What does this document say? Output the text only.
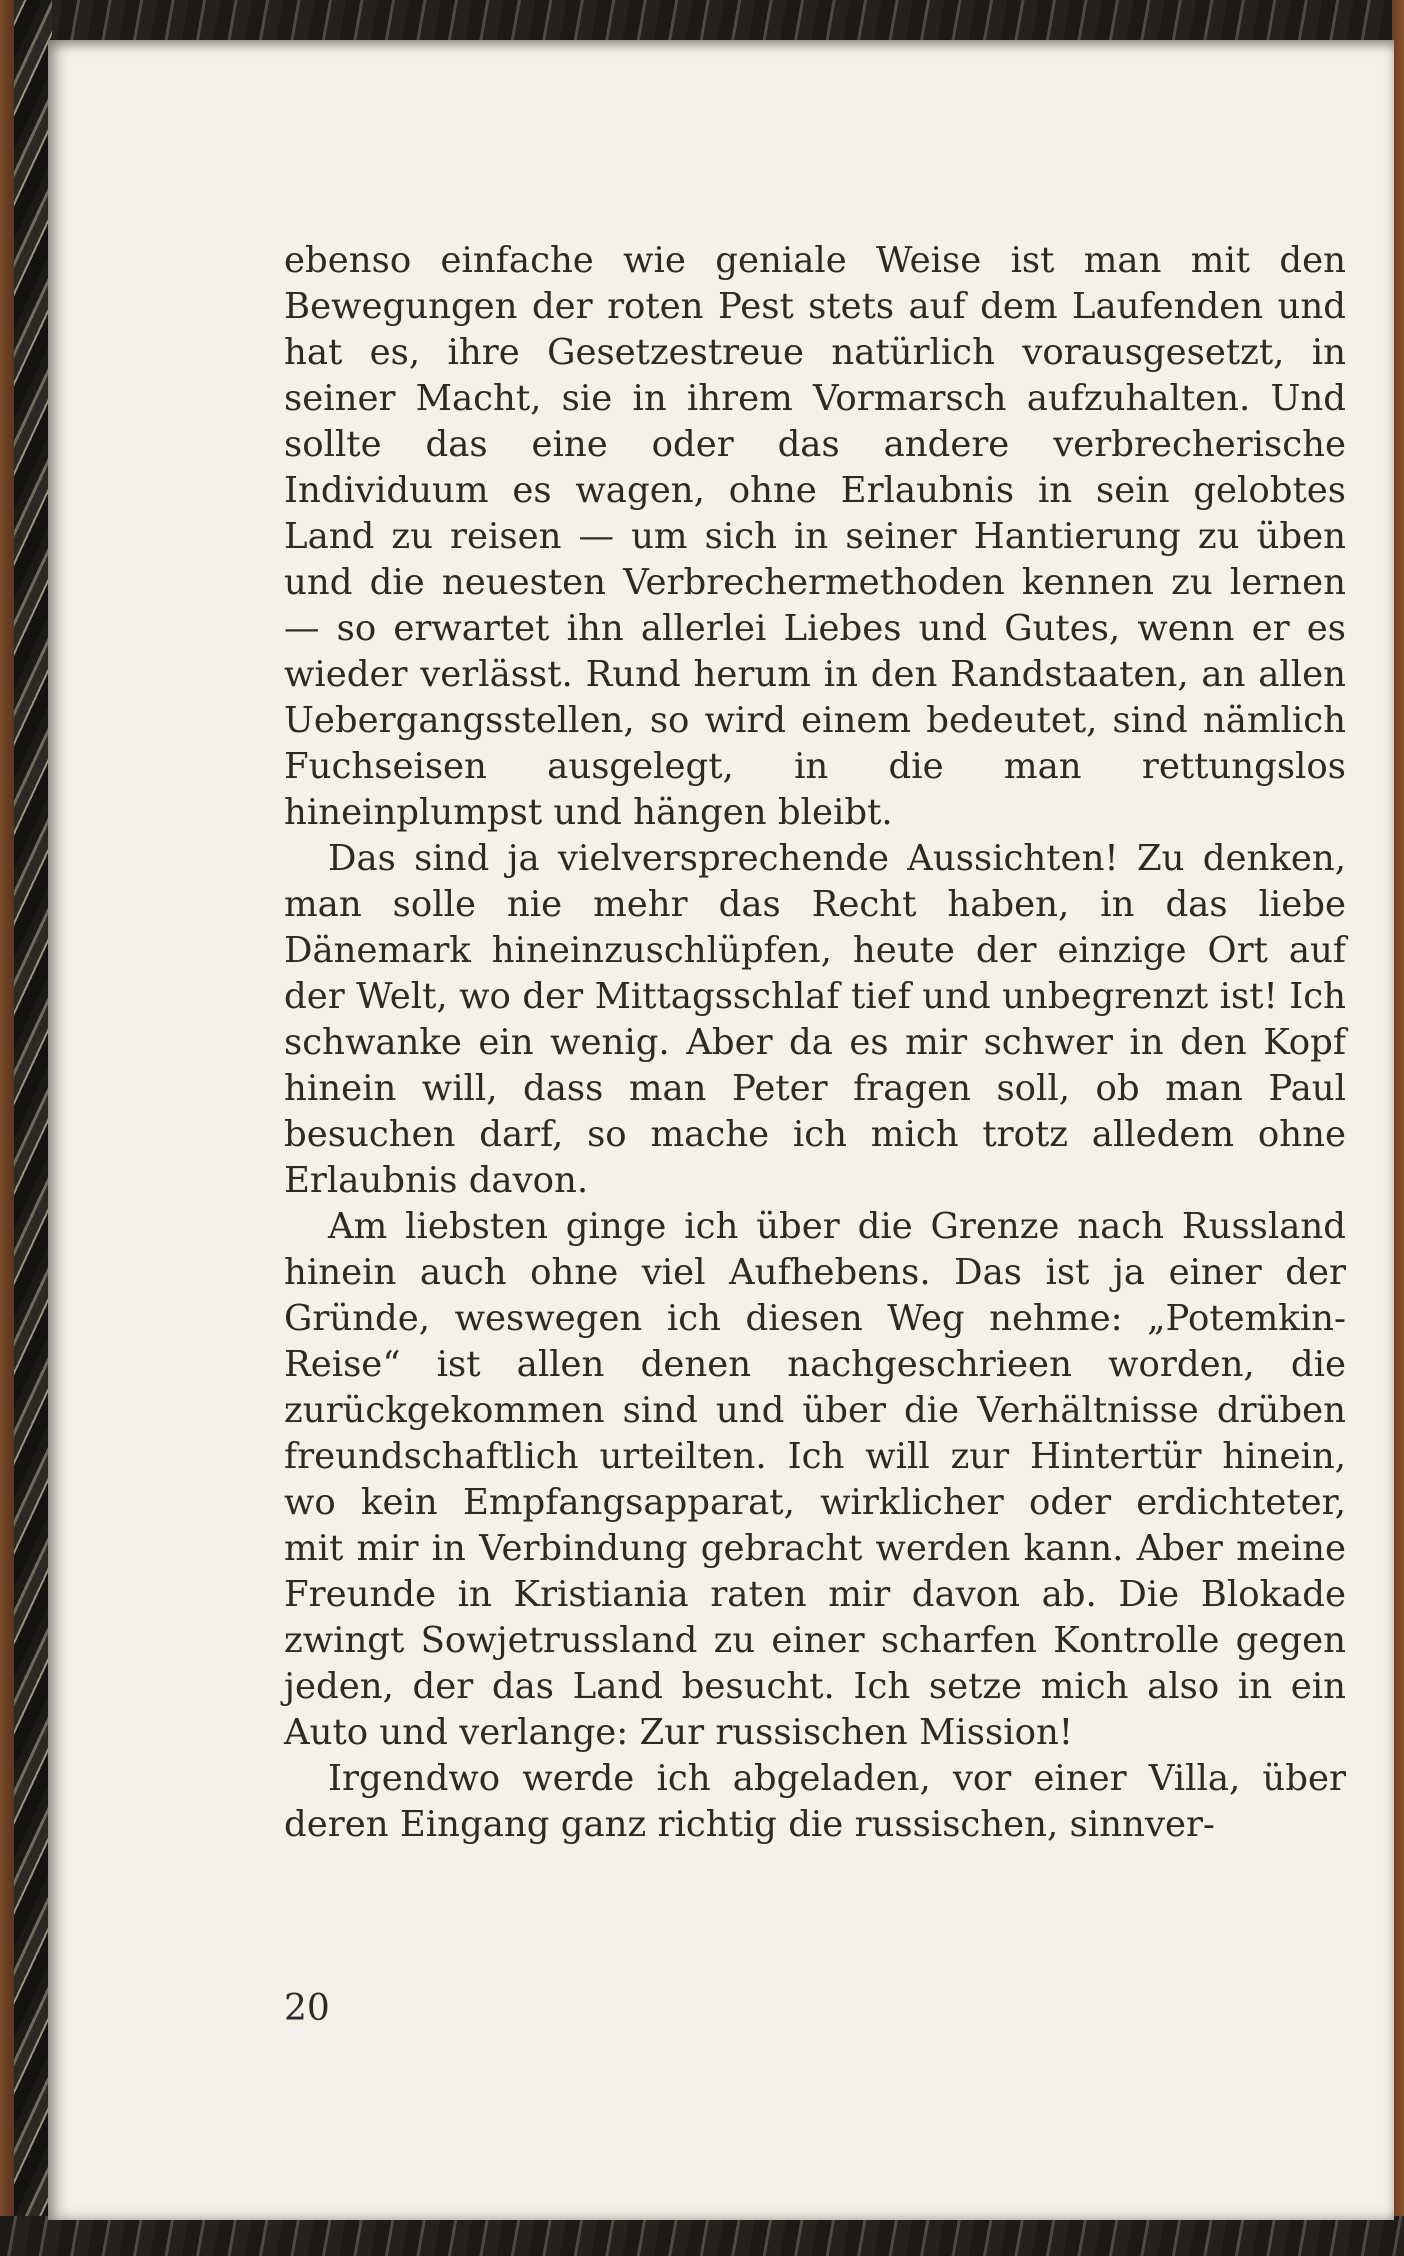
ebenso einfache wie geniale Weise ist man mit den Bewegungen der roten Pest stets auf dem Laufenden und hat es, ihre Gesetzestreue natürlich vorausgesetzt, in seiner Macht, sie in ihrem Vormarsch aufzuhalten. Und sollte das eine oder das andere verbrecherische Individuum es wagen, ohne Erlaubnis in sein gelobtes Land zu reisen — um sich in seiner Hantierung zu üben und die neuesten Verbrechermethoden kennen zu lernen — so erwartet ihn allerlei Liebes und Gutes, wenn er es wieder verlässt. Rund herum in den Randstaaten, an allen Uebergangsstellen, so wird einem bedeutet, sind nämlich Fuchseisen ausgelegt, in die man rettungslos hineinplumpst und hängen bleibt.

Das sind ja vielversprechende Aussichten! Zu denken, man solle nie mehr das Recht haben, in das liebe Dänemark hineinzuschlüpfen, heute der einzige Ort auf der Welt, wo der Mittagsschlaf tief und unbegrenzt ist! Ich schwanke ein wenig. Aber da es mir schwer in den Kopf hinein will, dass man Peter fragen soll, ob man Paul besuchen darf, so mache ich mich trotz alledem ohne Erlaubnis davon.

Am liebsten ginge ich über die Grenze nach Russland hinein auch ohne viel Aufhebens. Das ist ja einer der Gründe, weswegen ich diesen Weg nehme: „Potemkin-Reise“ ist allen denen nachgeschrieen worden, die zurückgekommen sind und über die Verhältnisse drüben freundschaftlich urteilten. Ich will zur Hintertür hinein, wo kein Empfangsapparat, wirklicher oder erdichteter, mit mir in Verbindung gebracht werden kann. Aber meine Freunde in Kristiania raten mir davon ab. Die Blokade zwingt Sowjetrussland zu einer scharfen Kontrolle gegen jeden, der das Land besucht. Ich setze mich also in ein Auto und verlange: Zur russischen Mission!

Irgendwo werde ich abgeladen, vor einer Villa, über deren Eingang ganz richtig die russischen, sinnver-

20
